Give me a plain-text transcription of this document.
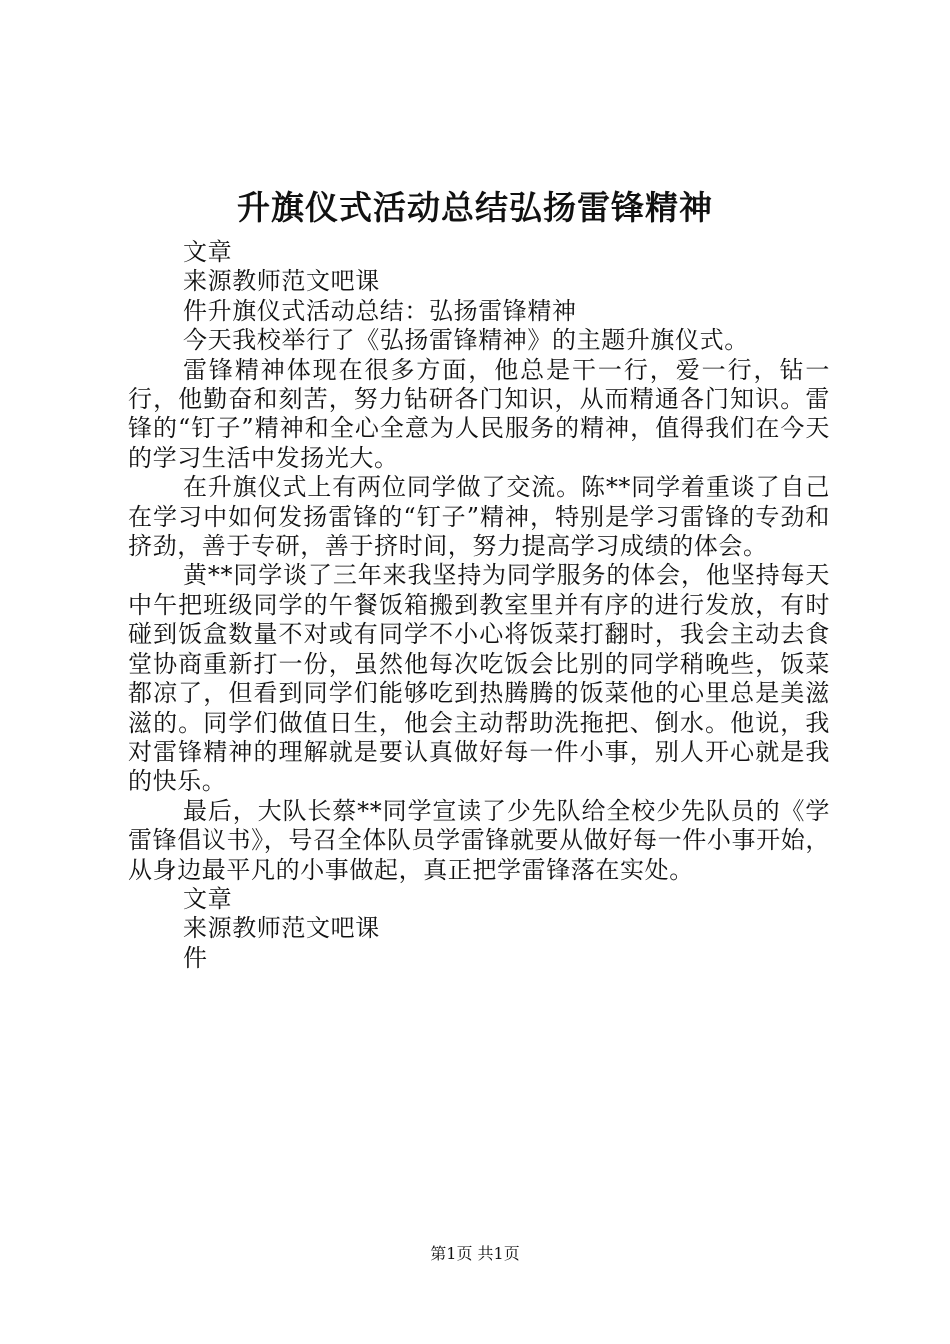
升旗仪式活动总结弘扬雷锋精神

文章

来源教师范文吧课

件升旗仪式活动总结：弘扬雷锋精神

今天我校举行了《弘扬雷锋精神》的主题升旗仪式。

雷锋精神体现在很多方面，他总是干一行，爱一行，钻一行，他勤奋和刻苦，努力钻研各门知识，从而精通各门知识。雷锋的“钉子”精神和全心全意为人民服务的精神，值得我们在今天的学习生活中发扬光大。

在升旗仪式上有两位同学做了交流。陈**同学着重谈了自己在学习中如何发扬雷锋的“钉子”精神，特别是学习雷锋的专劲和挤劲，善于专研，善于挤时间，努力提高学习成绩的体会。

黄**同学谈了三年来我坚持为同学服务的体会，他坚持每天中午把班级同学的午餐饭箱搬到教室里并有序的进行发放，有时碰到饭盒数量不对或有同学不小心将饭菜打翻时，我会主动去食堂协商重新打一份，虽然他每次吃饭会比别的同学稍晚些，饭菜都凉了，但看到同学们能够吃到热腾腾的饭菜他的心里总是美滋滋的。同学们做值日生，他会主动帮助洗拖把、倒水。他说，我对雷锋精神的理解就是要认真做好每一件小事，别人开心就是我的快乐。

最后，大队长蔡**同学宣读了少先队给全校少先队员的《学雷锋倡议书》，号召全体队员学雷锋就要从做好每一件小事开始，从身边最平凡的小事做起，真正把学雷锋落在实处。

文章

来源教师范文吧课

件

第1页 共1页
